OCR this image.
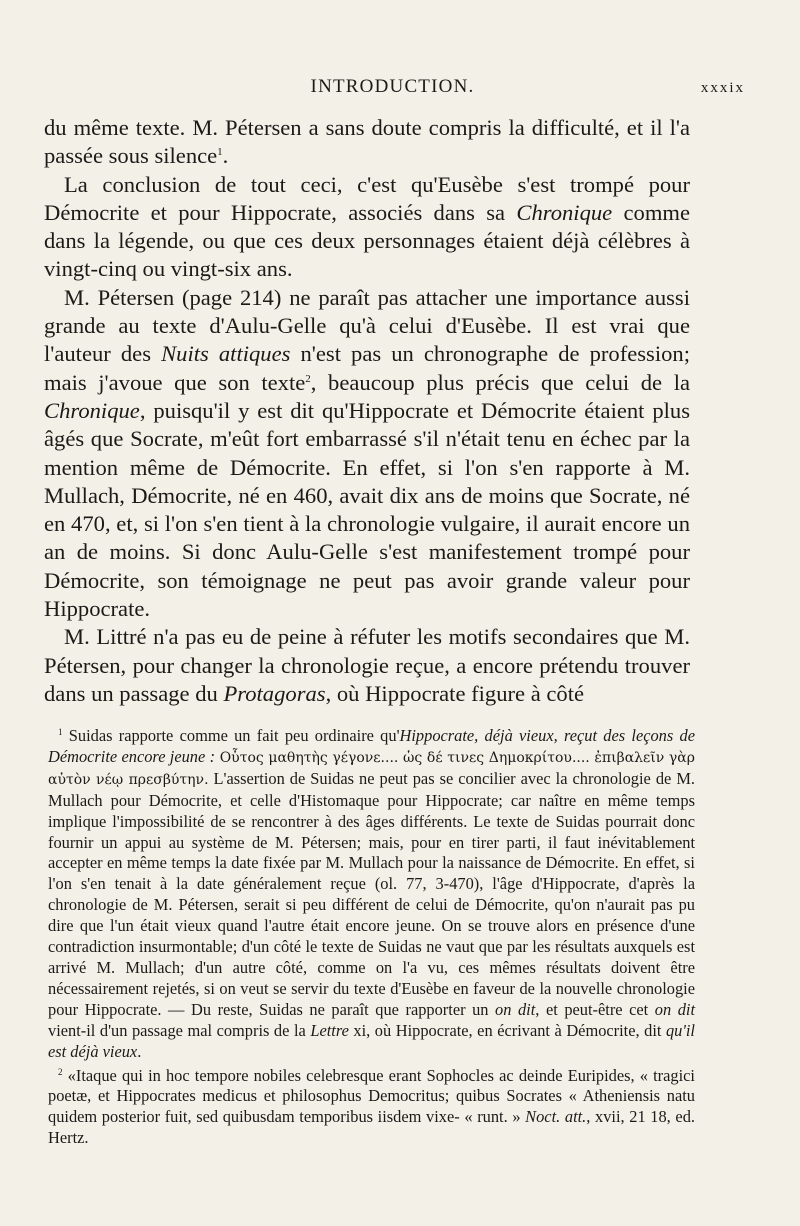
INTRODUCTION.	xxxix

du même texte. M. Pétersen a sans doute compris la difficulté, et il l'a passée sous silence$^1$.

La conclusion de tout ceci, c'est qu'Eusèbe s'est trompé pour Démocrite et pour Hippocrate, associés dans sa Chronique comme dans la légende, ou que ces deux personnages étaient déjà célèbres à vingt-cinq ou vingt-six ans.

M. Pétersen (page 214) ne paraît pas attacher une importance aussi grande au texte d'Aulu-Gelle qu'à celui d'Eusèbe. Il est vrai que l'auteur des Nuits attiques n'est pas un chronographe de profession; mais j'avoue que son texte$^2$, beaucoup plus précis que celui de la Chronique, puisqu'il y est dit qu'Hippocrate et Démocrite étaient plus âgés que Socrate, m'eût fort embarrassé s'il n'était tenu en échec par la mention même de Démocrite. En effet, si l'on s'en rapporte à M. Mullach, Démocrite, né en 460, avait dix ans de moins que Socrate, né en 470, et, si l'on s'en tient à la chronologie vulgaire, il aurait encore un an de moins. Si donc Aulu-Gelle s'est manifestement trompé pour Démocrite, son témoignage ne peut pas avoir grande valeur pour Hippocrate.

M. Littré n'a pas eu de peine à réfuter les motifs secondaires que M. Pétersen, pour changer la chronologie reçue, a encore prétendu trouver dans un passage du Protagoras, où Hippocrate figure à côté

$^1$ Suidas rapporte comme un fait peu ordinaire qu'Hippocrate, déjà vieux, reçut des leçons de Démocrite encore jeune : Οὗτος μαθητὴς γέγονε.... ὡς δέ τινες Δημοκρίτου.... ἐπιβαλεῖν γὰρ αὐτὸν νέῳ πρεσβύτην. L'assertion de Suidas ne peut pas se concilier avec la chronologie de M. Mullach pour Démocrite, et celle d'Histomaque pour Hippocrate; car naître en même temps implique l'impossibilité de se rencontrer à des âges différents. Le texte de Suidas pourrait donc fournir un appui au système de M. Pétersen; mais, pour en tirer parti, il faut inévitablement accepter en même temps la date fixée par M. Mullach pour la naissance de Démocrite. En effet, si l'on s'en tenait à la date généralement reçue (ol. 77, 3-470), l'âge d'Hippocrate, d'après la chronologie de M. Pétersen, serait si peu différent de celui de Démocrite, qu'on n'aurait pas pu dire que l'un était vieux quand l'autre était encore jeune. On se trouve alors en présence d'une contradiction insurmontable; d'un côté le texte de Suidas ne vaut que par les résultats auxquels est arrivé M. Mullach; d'un autre côté, comme on l'a vu, ces mêmes résultats doivent être nécessairement rejetés, si on veut se servir du texte d'Eusèbe en faveur de la nouvelle chronologie pour Hippocrate. — Du reste, Suidas ne paraît que rapporter un on dit, et peut-être cet on dit vient-il d'un passage mal compris de la Lettre xi, où Hippocrate, en écrivant à Démocrite, dit qu'il est déjà vieux.

$^2$ «Itaque qui in hoc tempore nobiles celebresque erant Sophocles ac deinde Euripides, « tragici poetæ, et Hippocrates medicus et philosophus Democritus; quibus Socrates « Atheniensis natu quidem posterior fuit, sed quibusdam temporibus iisdem vixe- « runt. » Noct. att., xvii, 21 18, ed. Hertz.
